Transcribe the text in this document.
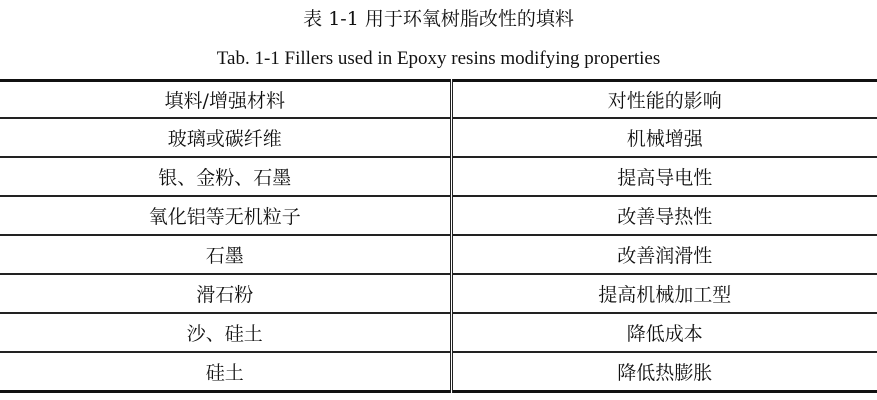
表 1-1 用于环氧树脂改性的填料
Tab. 1-1 Fillers used in Epoxy resins modifying properties
填料/增强材料	对性能的影响
玻璃或碳纤维	机械增强
银、金粉、石墨	提高导电性
氧化铝等无机粒子	改善导热性
石墨	改善润滑性
滑石粉	提高机械加工型
沙、硅土	降低成本
硅土	降低热膨胀
